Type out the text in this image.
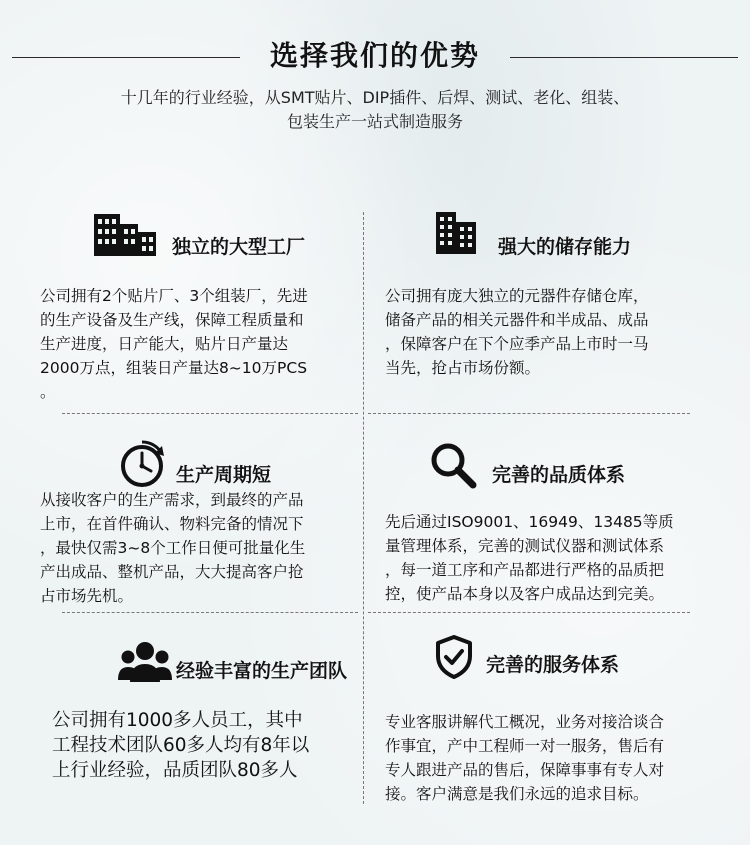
选择我们的优势
十几年的行业经验，从SMT贴片、DIP插件、后焊、测试、老化、组装、
包装生产一站式制造服务
独立的大型工厂
公司拥有2个贴片厂、3个组装厂，先进
的生产设备及生产线，保障工程质量和
生产进度，日产能大，贴片日产量达
2000万点，组装日产量达8~10万PCS
。
强大的储存能力
公司拥有庞大独立的元器件存储仓库，
储备产品的相关元器件和半成品、成品
，保障客户在下个应季产品上市时一马
当先，抢占市场份额。
生产周期短
从接收客户的生产需求，到最终的产品
上市，在首件确认、物料完备的情况下
，最快仅需3~8个工作日便可批量化生
产出成品、整机产品，大大提高客户抢
占市场先机。
完善的品质体系
先后通过ISO9001、16949、13485等质
量管理体系，完善的测试仪器和测试体系
，每一道工序和产品都进行严格的品质把
控，使产品本身以及客户成品达到完美。
经验丰富的生产团队
公司拥有1000多人员工，其中
工程技术团队60多人均有8年以
上行业经验，品质团队80多人
完善的服务体系
专业客服讲解代工概况，业务对接洽谈合
作事宜，产中工程师一对一服务，售后有
专人跟进产品的售后，保障事事有专人对
接。客户满意是我们永远的追求目标。
